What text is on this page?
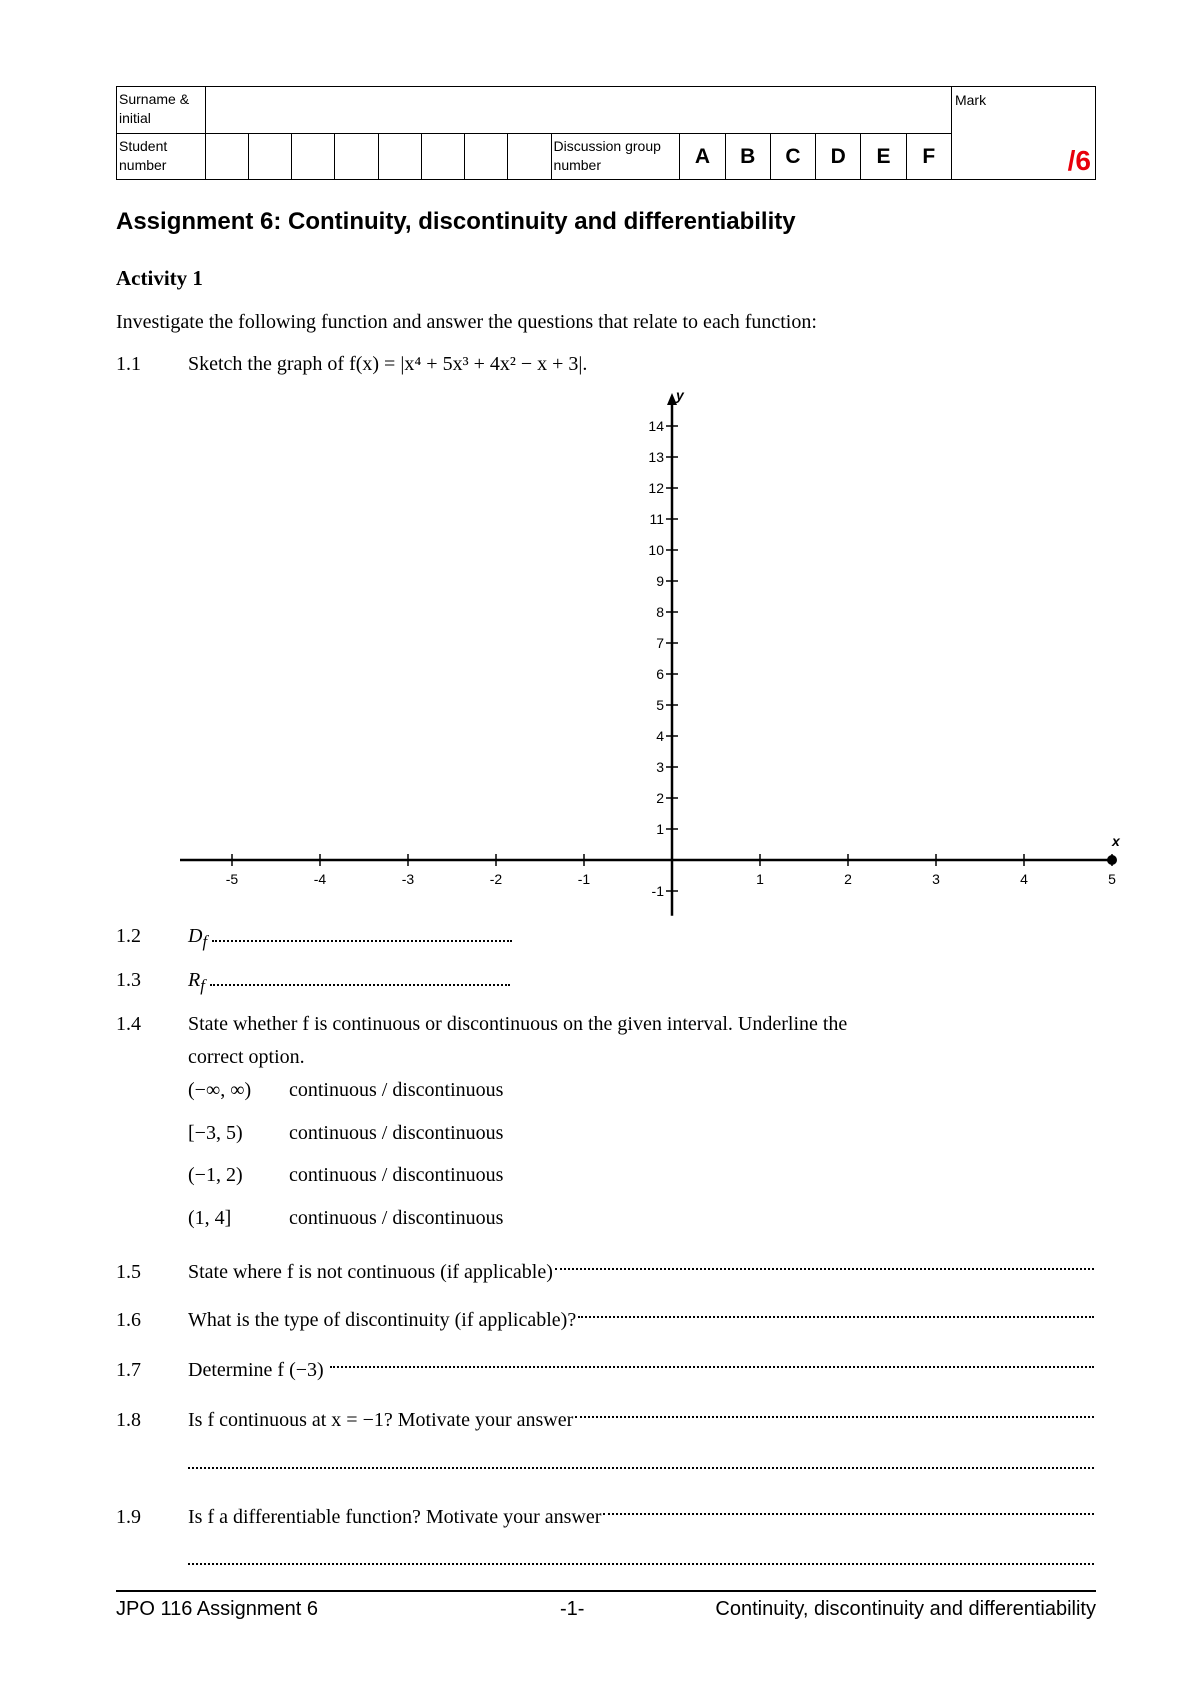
Surname & initial																Mark
/6

Student number									Discussion group number	A	B	C	D	E	F	
Assignment 6: Continuity, discontinuity and differentiability
Activity 1
Investigate the following function and answer the questions that relate to each function:
1.1 Sketch the graph of f(x) = |x⁴ + 5x³ + 4x² − x + 3|.
-5	-4	-3	-2	-1	1	2	3	4	5
-1
1
2
3
4
5
6
7
8
9
10
11
12
13
14
x
y
1.2 $D_f$
1.3 $R_f$
1.4 State whether f is continuous or discontinuous on the given interval. Underline the
correct option.
(−∞, ∞) continuous / discontinuous
[−3, 5) continuous / discontinuous
(−1, 2) continuous / discontinuous
(1, 4]	continuous / discontinuous
1.5 State where f is not continuous (if applicable)
1.6 What is the type of discontinuity (if applicable)?
1.7 Determine f (−3)
1.8 Is f continuous at x = −1? Motivate your answer
1.9 Is f a differentiable function? Motivate your answer
JPO 116 Assignment 6	-1-	Continuity, discontinuity and differentiability
